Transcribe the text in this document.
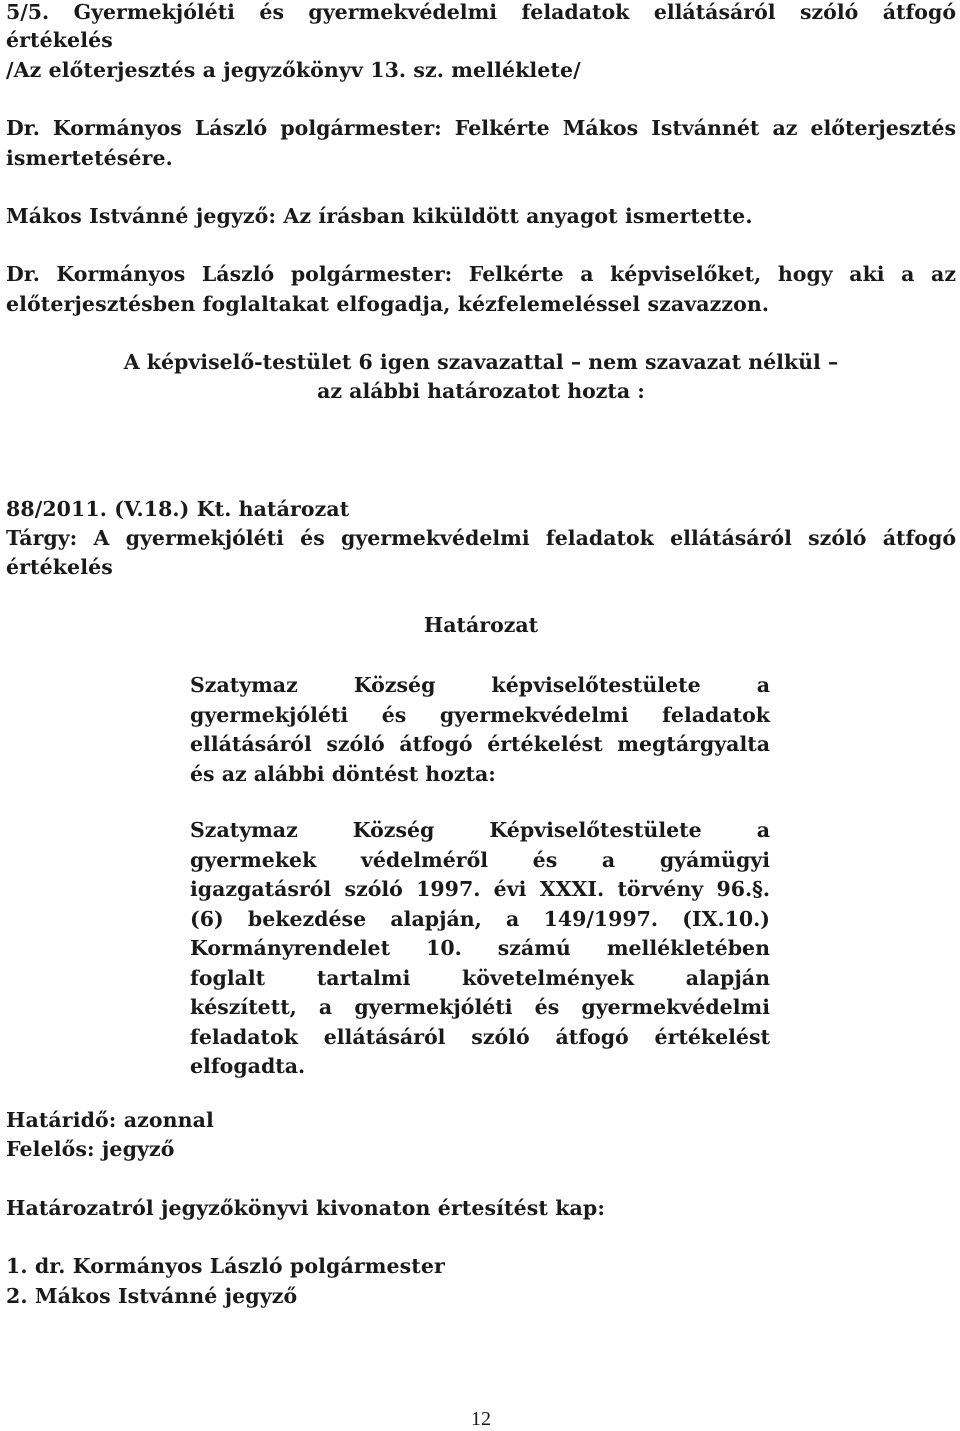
5/5. Gyermekjóléti és gyermekvédelmi feladatok ellátásáról szóló átfogó
értékelés
/Az előterjesztés a jegyzőkönyv 13. sz. melléklete/
Dr. Kormányos László polgármester: Felkérte Mákos Istvánnét az előterjesztés
ismertetésére.
Mákos Istvánné jegyző: Az írásban kiküldött anyagot ismertette.
Dr. Kormányos László polgármester: Felkérte a képviselőket, hogy aki a az
előterjesztésben foglaltakat elfogadja, kézfelemeléssel szavazzon.
A képviselő-testület 6 igen szavazattal – nem szavazat nélkül –
az alábbi határozatot hozta :
88/2011. (V.18.) Kt. határozat
Tárgy: A gyermekjóléti és gyermekvédelmi feladatok ellátásáról szóló átfogó
értékelés
Határozat
Szatymaz Község képviselőtestülete a
gyermekjóléti és gyermekvédelmi feladatok
ellátásáról szóló átfogó értékelést megtárgyalta
és az alábbi döntést hozta:
Szatymaz Község Képviselőtestülete a
gyermekek védelméről és a gyámügyi
igazgatásról szóló 1997. évi XXXI. törvény 96.§.
(6) bekezdése alapján, a 149/1997. (IX.10.)
Kormányrendelet 10. számú mellékletében
foglalt tartalmi követelmények alapján
készített, a gyermekjóléti és gyermekvédelmi
feladatok ellátásáról szóló átfogó értékelést
elfogadta.
Határidő: azonnal
Felelős: jegyző
Határozatról jegyzőkönyvi kivonaton értesítést kap:
1. dr. Kormányos László polgármester
2. Mákos Istvánné jegyző
12
